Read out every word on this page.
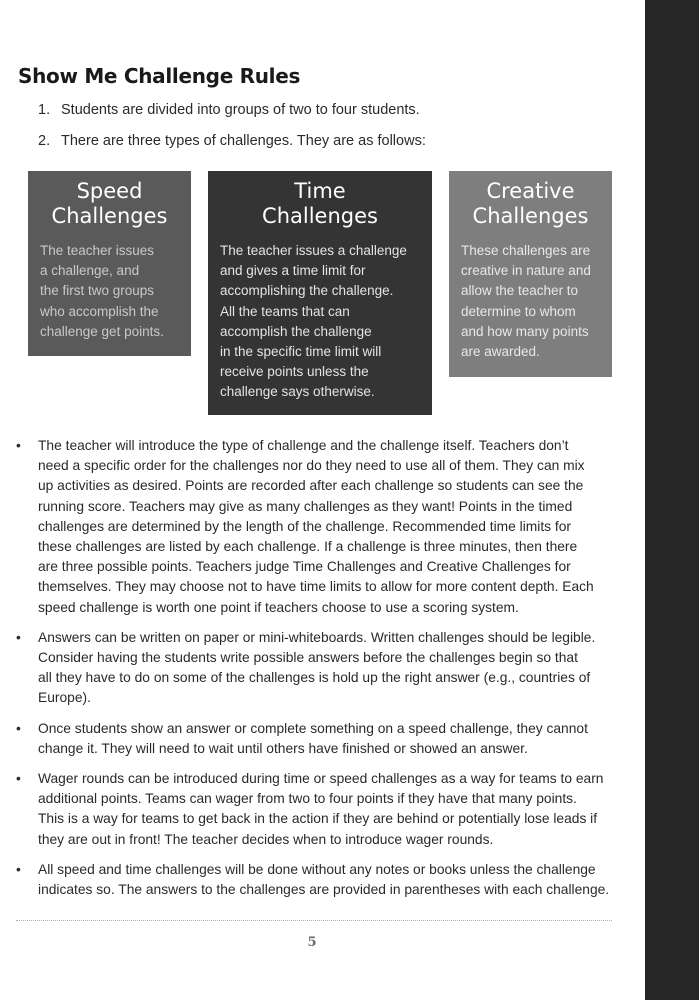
Show Me Challenge Rules
1. Students are divided into groups of two to four students.
2. There are three types of challenges. They are as follows:
Speed
Challenges
The teacher issues
a challenge, and
the first two groups
who accomplish the
challenge get points.
Time
Challenges
The teacher issues a challenge
and gives a time limit for
accomplishing the challenge.
All the teams that can
accomplish the challenge
in the specific time limit will
receive points unless the
challenge says otherwise.
Creative
Challenges
These challenges are
creative in nature and
allow the teacher to
determine to whom
and how many points
are awarded.
• The teacher will introduce the type of challenge and the challenge itself. Teachers don’t
need a specific order for the challenges nor do they need to use all of them. They can mix
up activities as desired. Points are recorded after each challenge so students can see the
running score. Teachers may give as many challenges as they want! Points in the timed
challenges are determined by the length of the challenge. Recommended time limits for
these challenges are listed by each challenge. If a challenge is three minutes, then there
are three possible points. Teachers judge Time Challenges and Creative Challenges for
themselves. They may choose not to have time limits to allow for more content depth. Each
speed challenge is worth one point if teachers choose to use a scoring system.
• Answers can be written on paper or mini-whiteboards. Written challenges should be legible.
Consider having the students write possible answers before the challenges begin so that
all they have to do on some of the challenges is hold up the right answer (e.g., countries of
Europe).
• Once students show an answer or complete something on a speed challenge, they cannot
change it. They will need to wait until others have finished or showed an answer.
• Wager rounds can be introduced during time or speed challenges as a way for teams to earn
additional points. Teams can wager from two to four points if they have that many points.
This is a way for teams to get back in the action if they are behind or potentially lose leads if
they are out in front! The teacher decides when to introduce wager rounds.
• All speed and time challenges will be done without any notes or books unless the challenge
indicates so. The answers to the challenges are provided in parentheses with each challenge.
5
